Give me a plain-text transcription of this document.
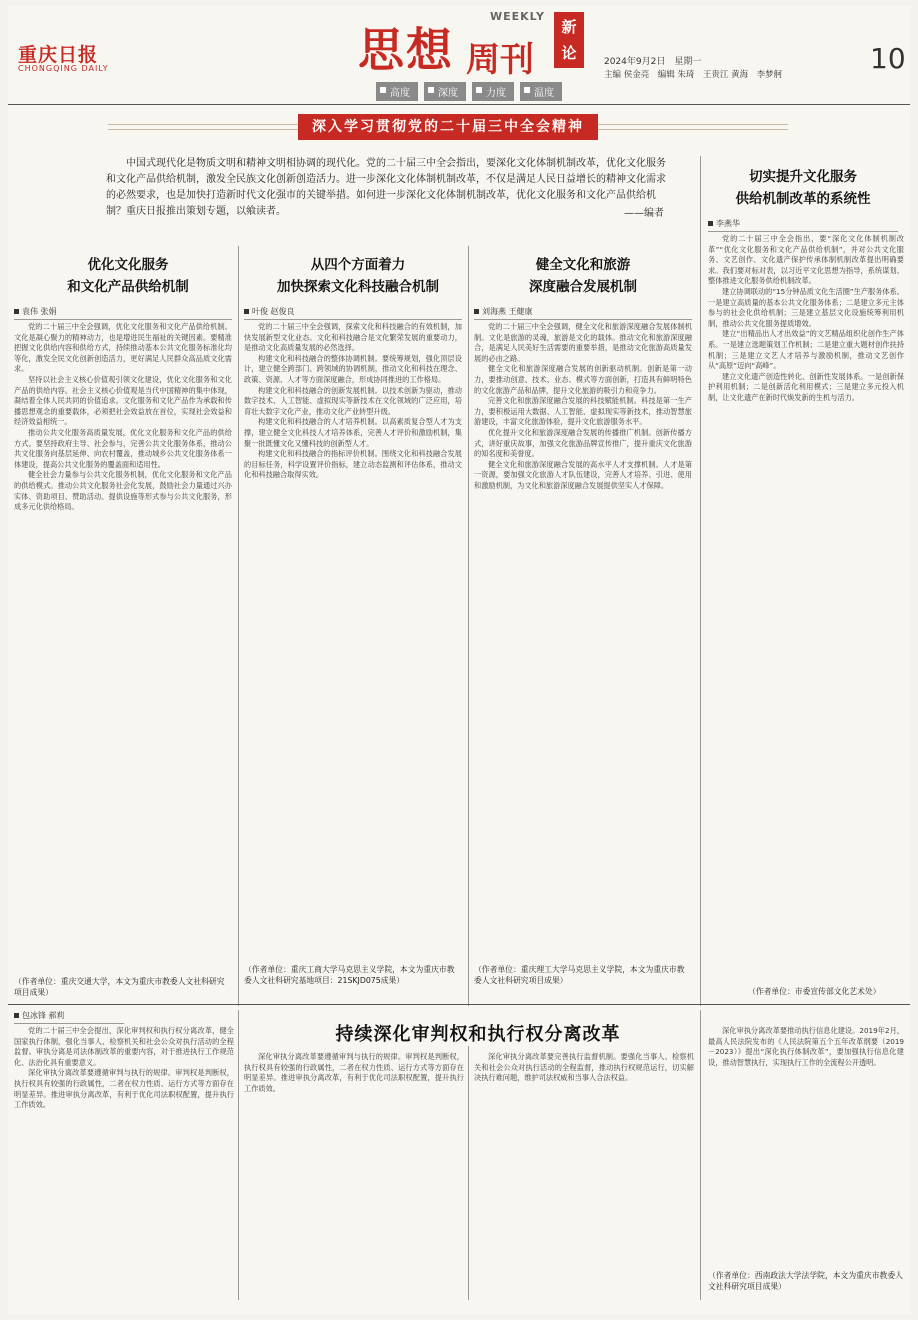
重庆日报
CHONGQING DAILY	思想
WEEKLY
周刊
新
论	2024年9月2日　星期一
主编 侯金亮　编辑 朱琦　王贵江 黄海　李梦舸	10
高度	深度	力度	温度
深入学习贯彻党的二十届三中全会精神
中国式现代化是物质文明和精神文明相协调的现代化。党的二十届三中全会指出，要深化文化体制机制改革，优化文化服务和文化产品供给机制，激发全民族文化创新创造活力。进一步深化文化体制机制改革，不仅是满足人民日益增长的精神文化需求的必然要求，也是加快打造新时代文化强市的关键举措。如何进一步深化文化体制机制改革，优化文化服务和文化产品供给机制？重庆日报推出策划专题，以飨读者。	——编者
切实提升文化服务
供给机制改革的系统性
李燕华
优化文化服务
和文化产品供给机制
从四个方面着力
加快探索文化科技融合机制
健全文化和旅游
深度融合发展机制
袁伟 张娟	叶俊 赵俊良	刘海燕 王健康

党的二十届三中全会强调，优化文化服务和文化产品供给机制。文化是凝心聚力的精神动力，也是增进民生福祉的关键因素。要精准把握文化供给内容和供给方式，持续推动基本公共文化服务标准化均等化，激发全民文化创新创造活力，更好满足人民群众高品质文化需求。

坚持以社会主义核心价值观引领文化建设，优化文化服务和文化产品的供给内容。社会主义核心价值观是当代中国精神的集中体现，凝结着全体人民共同的价值追求。文化服务和文化产品作为承载和传播思想观念的重要载体，必须把社会效益放在首位，实现社会效益和经济效益相统一。

推动公共文化服务高质量发展，优化文化服务和文化产品的供给方式。要坚持政府主导、社会参与，完善公共文化服务体系，推动公共文化服务向基层延伸、向农村覆盖，推动城乡公共文化服务体系一体建设，提高公共文化服务的覆盖面和适用性。

健全社会力量参与公共文化服务机制，优化文化服务和文化产品的供给模式。推动公共文化服务社会化发展，鼓励社会力量通过兴办实体、资助项目、赞助活动、提供设施等形式参与公共文化服务，形成多元化供给格局。

（作者单位：重庆交通大学，本文为重庆市教委人文社科研究项目成果）

党的二十届三中全会强调，探索文化和科技融合的有效机制，加快发展新型文化业态。文化和科技融合是文化繁荣发展的重要动力，是推动文化高质量发展的必然选择。

构建文化和科技融合的整体协调机制。要统筹规划，强化顶层设计，建立健全跨部门、跨领域的协调机制，推动文化和科技在理念、政策、资源、人才等方面深度融合，形成协同推进的工作格局。

构建文化和科技融合的创新发展机制。以技术创新为驱动，推动数字技术、人工智能、虚拟现实等新技术在文化领域的广泛应用，培育壮大数字文化产业，推动文化产业转型升级。

构建文化和科技融合的人才培养机制。以高素质复合型人才为支撑，建立健全文化科技人才培养体系，完善人才评价和激励机制，集聚一批既懂文化又懂科技的创新型人才。

构建文化和科技融合的指标评价机制。围绕文化和科技融合发展的目标任务，科学设置评价指标，建立动态监测和评估体系，推动文化和科技融合取得实效。

（作者单位：重庆工商大学马克思主义学院，本文为重庆市教委人文社科研究基地项目：21SKJD075成果）

党的二十届三中全会强调，健全文化和旅游深度融合发展体制机制。文化是旅游的灵魂，旅游是文化的载体。推动文化和旅游深度融合，是满足人民美好生活需要的重要举措，是推动文化旅游高质量发展的必由之路。

健全文化和旅游深度融合发展的创新驱动机制。创新是第一动力，要推动创意、技术、业态、模式等方面创新，打造具有鲜明特色的文化旅游产品和品牌，提升文化旅游的吸引力和竞争力。

完善文化和旅游深度融合发展的科技赋能机制。科技是第一生产力，要积极运用大数据、人工智能、虚拟现实等新技术，推动智慧旅游建设，丰富文化旅游体验，提升文化旅游服务水平。

优化提升文化和旅游深度融合发展的传播推广机制。创新传播方式，讲好重庆故事，加强文化旅游品牌宣传推广，提升重庆文化旅游的知名度和美誉度。

健全文化和旅游深度融合发展的高水平人才支撑机制。人才是第一资源，要加强文化旅游人才队伍建设，完善人才培养、引进、使用和激励机制，为文化和旅游深度融合发展提供坚实人才保障。

（作者单位：重庆理工大学马克思主义学院，本文为重庆市教委人文社科研究项目成果）

党的二十届三中全会指出，要“深化文化体制机制改革”“优化文化服务和文化产品供给机制”，并对公共文化服务、文艺创作、文化遗产保护传承体制机制改革提出明确要求。我们要对标对表，以习近平文化思想为指导，系统谋划、整体推进文化服务供给机制改革。

建立协调联动的“15分钟品质文化生活圈”生产服务体系。一是建立高质量的基本公共文化服务体系；二是建立多元主体参与的社会化供给机制；三是建立基层文化设施统筹利用机制，推动公共文化服务提质增效。

建立“出精品出人才出效益”的文艺精品组织化创作生产体系。一是建立选题策划工作机制；二是建立重大题材创作扶持机制；三是建立文艺人才培养与激励机制，推动文艺创作从“高原”迈向“高峰”。

建立文化遗产创造性转化、创新性发展体系。一是创新保护利用机制；二是创新活化利用模式；三是建立多元投入机制，让文化遗产在新时代焕发新的生机与活力。

（作者单位：市委宣传部文化艺术处）
包冰锋 郝莉
持续深化审判权和执行权分离改革

党的二十届三中全会提出，深化审判权和执行权分离改革，健全国家执行体制，强化当事人、检察机关和社会公众对执行活动的全程监督。审执分离是司法体制改革的重要内容，对于推进执行工作规范化、法治化具有重要意义。

深化审执分离改革要遵循审判与执行的规律。审判权是判断权，执行权具有较强的行政属性，二者在权力性质、运行方式等方面存在明显差异。推进审执分离改革，有利于优化司法职权配置，提升执行工作质效。

深化审执分离改革要遵循审判与执行的规律。审判权是判断权，执行权具有较强的行政属性，二者在权力性质、运行方式等方面存在明显差异。推进审执分离改革，有利于优化司法职权配置，提升执行工作质效。

深化审执分离改革要完善执行监督机制。要强化当事人、检察机关和社会公众对执行活动的全程监督，推动执行权规范运行，切实解决执行难问题，维护司法权威和当事人合法权益。

深化审执分离改革要推动执行信息化建设。2019年2月，最高人民法院发布的《人民法院第五个五年改革纲要（2019－2023）》提出“深化执行体制改革”，要加强执行信息化建设，推动智慧执行，实现执行工作的全流程公开透明。

（作者单位：西南政法大学法学院，本文为重庆市教委人文社科研究项目成果）
